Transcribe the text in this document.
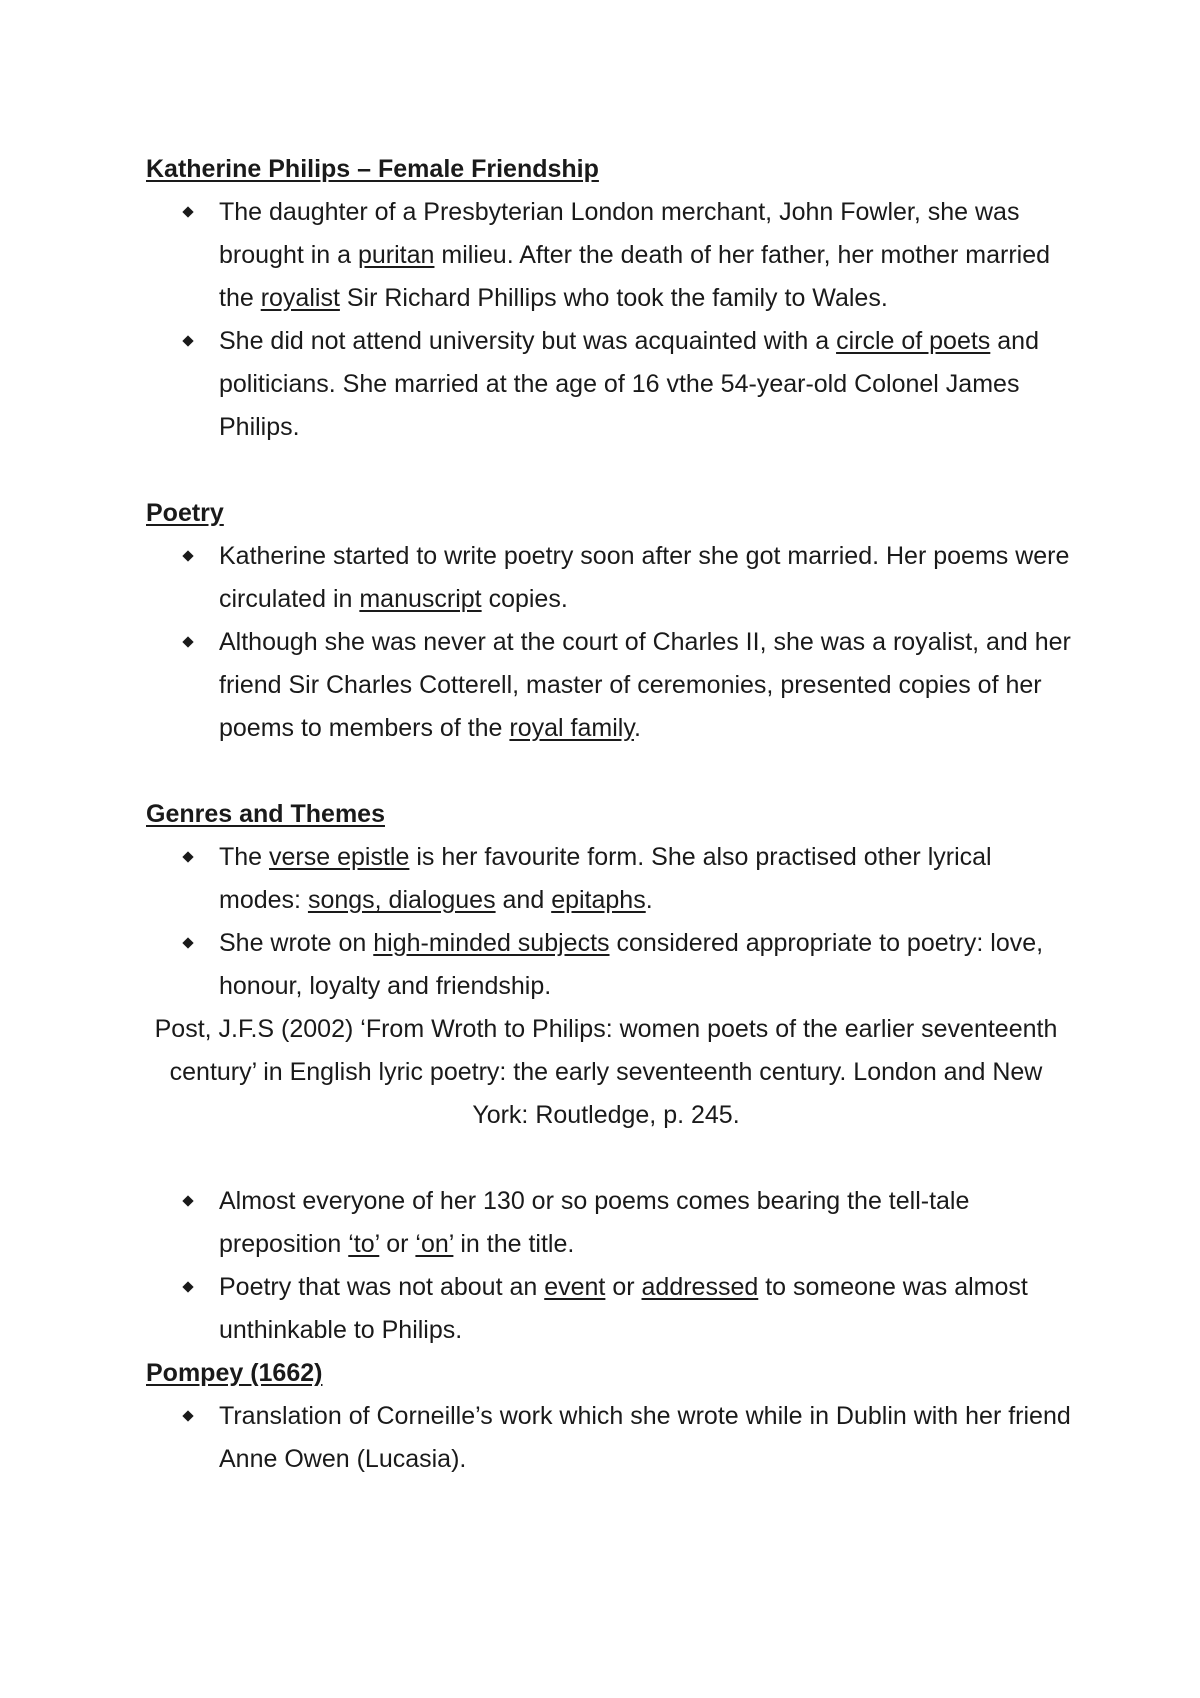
Katherine Philips – Female Friendship
The daughter of a Presbyterian London merchant, John Fowler, she was brought in a puritan milieu. After the death of her father, her mother married the royalist Sir Richard Phillips who took the family to Wales.
She did not attend university but was acquainted with a circle of poets and politicians. She married at the age of 16 vthe 54-year-old Colonel James Philips.
Poetry
Katherine started to write poetry soon after she got married. Her poems were circulated in manuscript copies.
Although she was never at the court of Charles II, she was a royalist, and her friend Sir Charles Cotterell, master of ceremonies, presented copies of her poems to members of the royal family.
Genres and Themes
The verse epistle is her favourite form. She also practised other lyrical modes: songs, dialogues and epitaphs.
She wrote on high-minded subjects considered appropriate to poetry: love, honour, loyalty and friendship.
Post, J.F.S (2002) ‘From Wroth to Philips: women poets of the earlier seventeenth century’ in English lyric poetry: the early seventeenth century. London and New York: Routledge, p. 245.
Almost everyone of her 130 or so poems comes bearing the tell-tale preposition ‘to’ or ‘on’ in the title.
Poetry that was not about an event or addressed to someone was almost unthinkable to Philips.
Pompey (1662)
Translation of Corneille’s work which she wrote while in Dublin with her friend Anne Owen (Lucasia).
